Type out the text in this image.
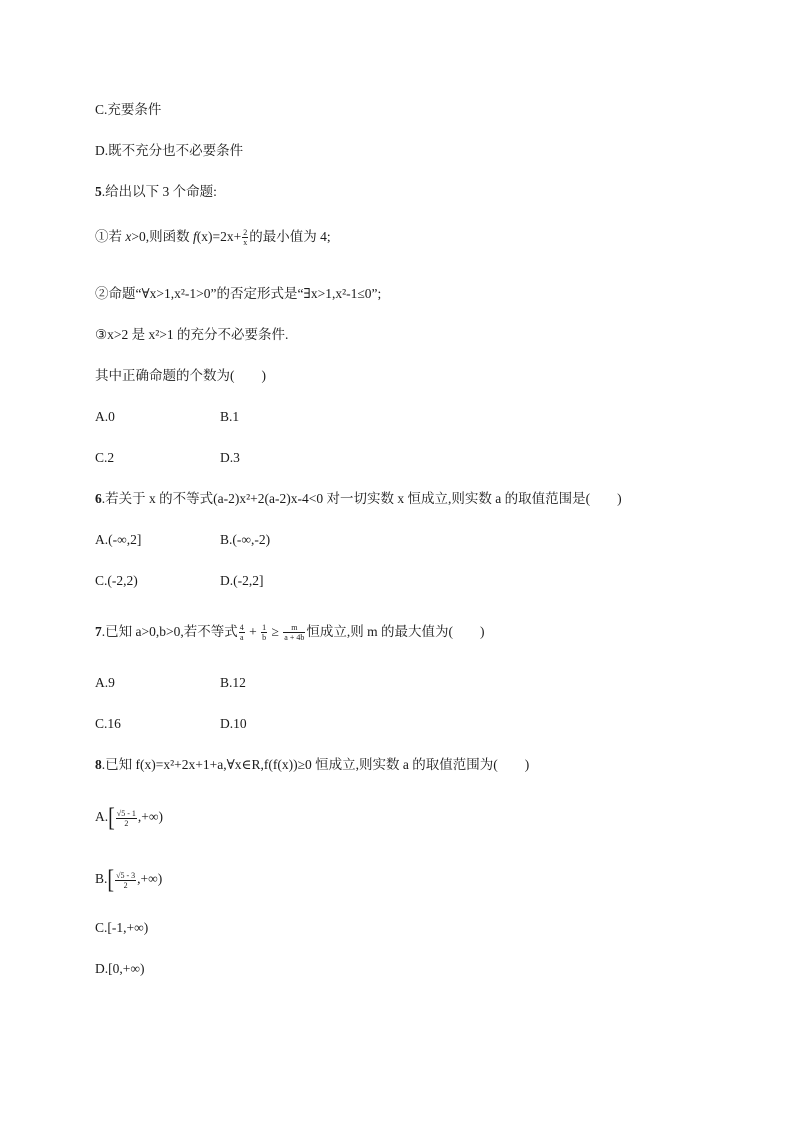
C.充要条件
D.既不充分也不必要条件
5.给出以下 3 个命题:
①若 x>0,则函数 $f(x)=2x+ \frac{2}{x}$ 的最小值为 4;
②命题“∀x>1,x²-1>0”的否定形式是“∃x>1,x²-1≤0”;
③x>2 是 x²>1 的充分不必要条件.
其中正确命题的个数为(　　)
A.0	B.1
C.2	D.3
6.若关于 x 的不等式(a-2)x²+2(a-2)x-4<0 对一切实数 x 恒成立,则实数 a 的取值范围是(　　)
A.(-∞,2]	B.(-∞,-2)
C.(-2,2)	D.(-2,2]
7.已知 a>0,b>0,若不等式 $\frac{4}{a} + \frac{1}{b} \ge \frac{m}{a + 4b}$ 恒成立,则 m 的最大值为(　　)
A.9	B.12
C.16	D.10
8.已知 f(x)=x²+2x+1+a,∀x∈R,f(f(x))≥0 恒成立,则实数 a 的取值范围为(　　)
$A.[ \frac{√5 - 1}{2}$ ,+∞)
$B.[ \frac{√5 - 3}{2}$ ,+∞)
C.[-1,+∞)
D.[0,+∞)
